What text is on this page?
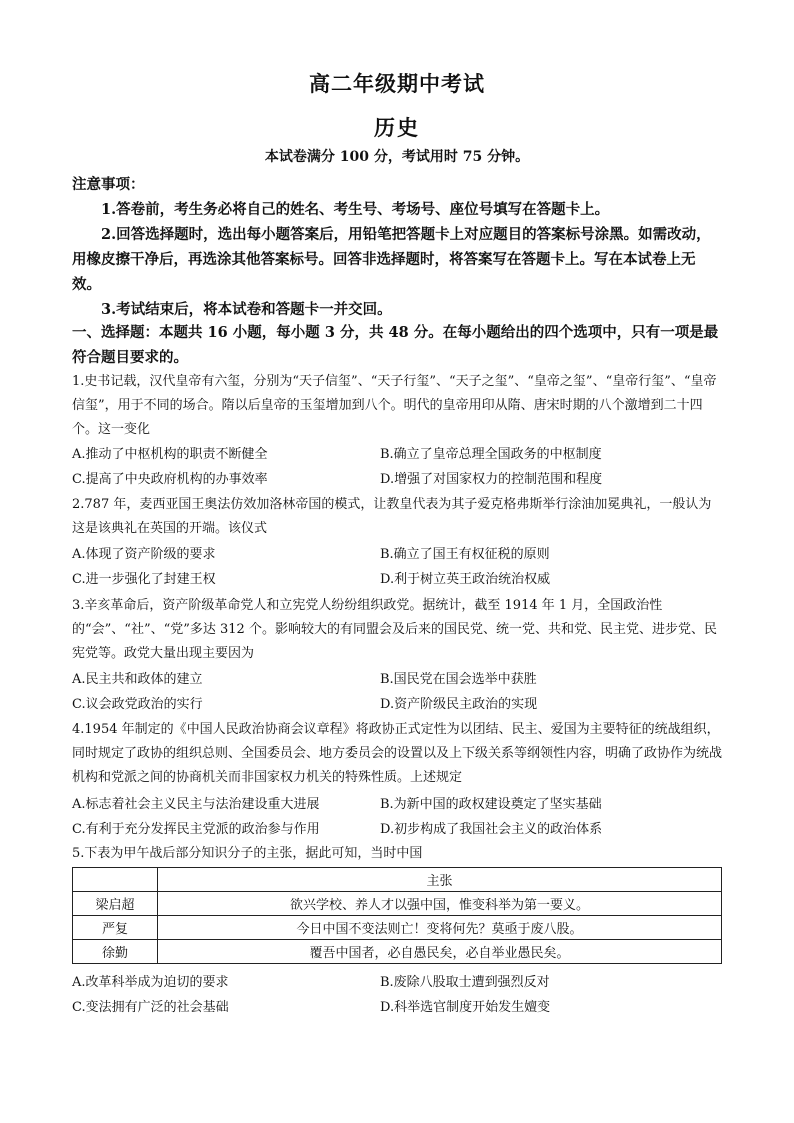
高二年级期中考试
历史
本试卷满分 100 分，考试用时 75 分钟。
注意事项：
1.答卷前，考生务必将自己的姓名、考生号、考场号、座位号填写在答题卡上。
2.回答选择题时，选出每小题答案后，用铅笔把答题卡上对应题目的答案标号涂黑。如需改动，用橡皮擦干净后，再选涂其他答案标号。回答非选择题时，将答案写在答题卡上。写在本试卷上无效。
3.考试结束后，将本试卷和答题卡一并交回。
一、选择题：本题共 16 小题，每小题 3 分，共 48 分。在每小题给出的四个选项中，只有一项是最符合题目要求的。
1.史书记载，汉代皇帝有六玺，分别为“天子信玺”、“天子行玺”、“天子之玺”、“皇帝之玺”、“皇帝行玺”、“皇帝信玺”，用于不同的场合。隋以后皇帝的玉玺增加到八个。明代的皇帝用印从隋、唐宋时期的八个激增到二十四个。这一变化
A.推动了中枢机构的职责不断健全	B.确立了皇帝总理全国政务的中枢制度
C.提高了中央政府机构的办事效率	D.增强了对国家权力的控制范围和程度
2.787 年，麦西亚国王奥法仿效加洛林帝国的模式，让教皇代表为其子爱克格弗斯举行涂油加冕典礼，一般认为这是该典礼在英国的开端。该仪式
A.体现了资产阶级的要求	B.确立了国王有权征税的原则
C.进一步强化了封建王权	D.利于树立英王政治统治权威
3.辛亥革命后，资产阶级革命党人和立宪党人纷纷组织政党。据统计，截至 1914 年 1 月，全国政治性的“会”、“社”、“党”多达 312 个。影响较大的有同盟会及后来的国民党、统一党、共和党、民主党、进步党、民宪党等。政党大量出现主要因为
A.民主共和政体的建立	B.国民党在国会选举中获胜
C.议会政党政治的实行	D.资产阶级民主政治的实现
4.1954 年制定的《中国人民政治协商会议章程》将政协正式定性为以团结、民主、爱国为主要特征的统战组织，同时规定了政协的组织总则、全国委员会、地方委员会的设置以及上下级关系等纲领性内容，明确了政协作为统战机构和党派之间的协商机关而非国家权力机关的特殊性质。上述规定
A.标志着社会主义民主与法治建设重大进展	B.为新中国的政权建设奠定了坚实基础
C.有利于充分发挥民主党派的政治参与作用	D.初步构成了我国社会主义的政治体系
5.下表为甲午战后部分知识分子的主张，据此可知，当时中国
	主张
梁启超	欲兴学校、养人才以强中国，惟变科举为第一要义。
严复	今日中国不变法则亡！变将何先？莫亟于废八股。
徐勤	覆吾中国者，必自愚民矣，必自举业愚民矣。
A.改革科举成为迫切的要求	B.废除八股取士遭到强烈反对
C.变法拥有广泛的社会基础	D.科举选官制度开始发生嬗变
